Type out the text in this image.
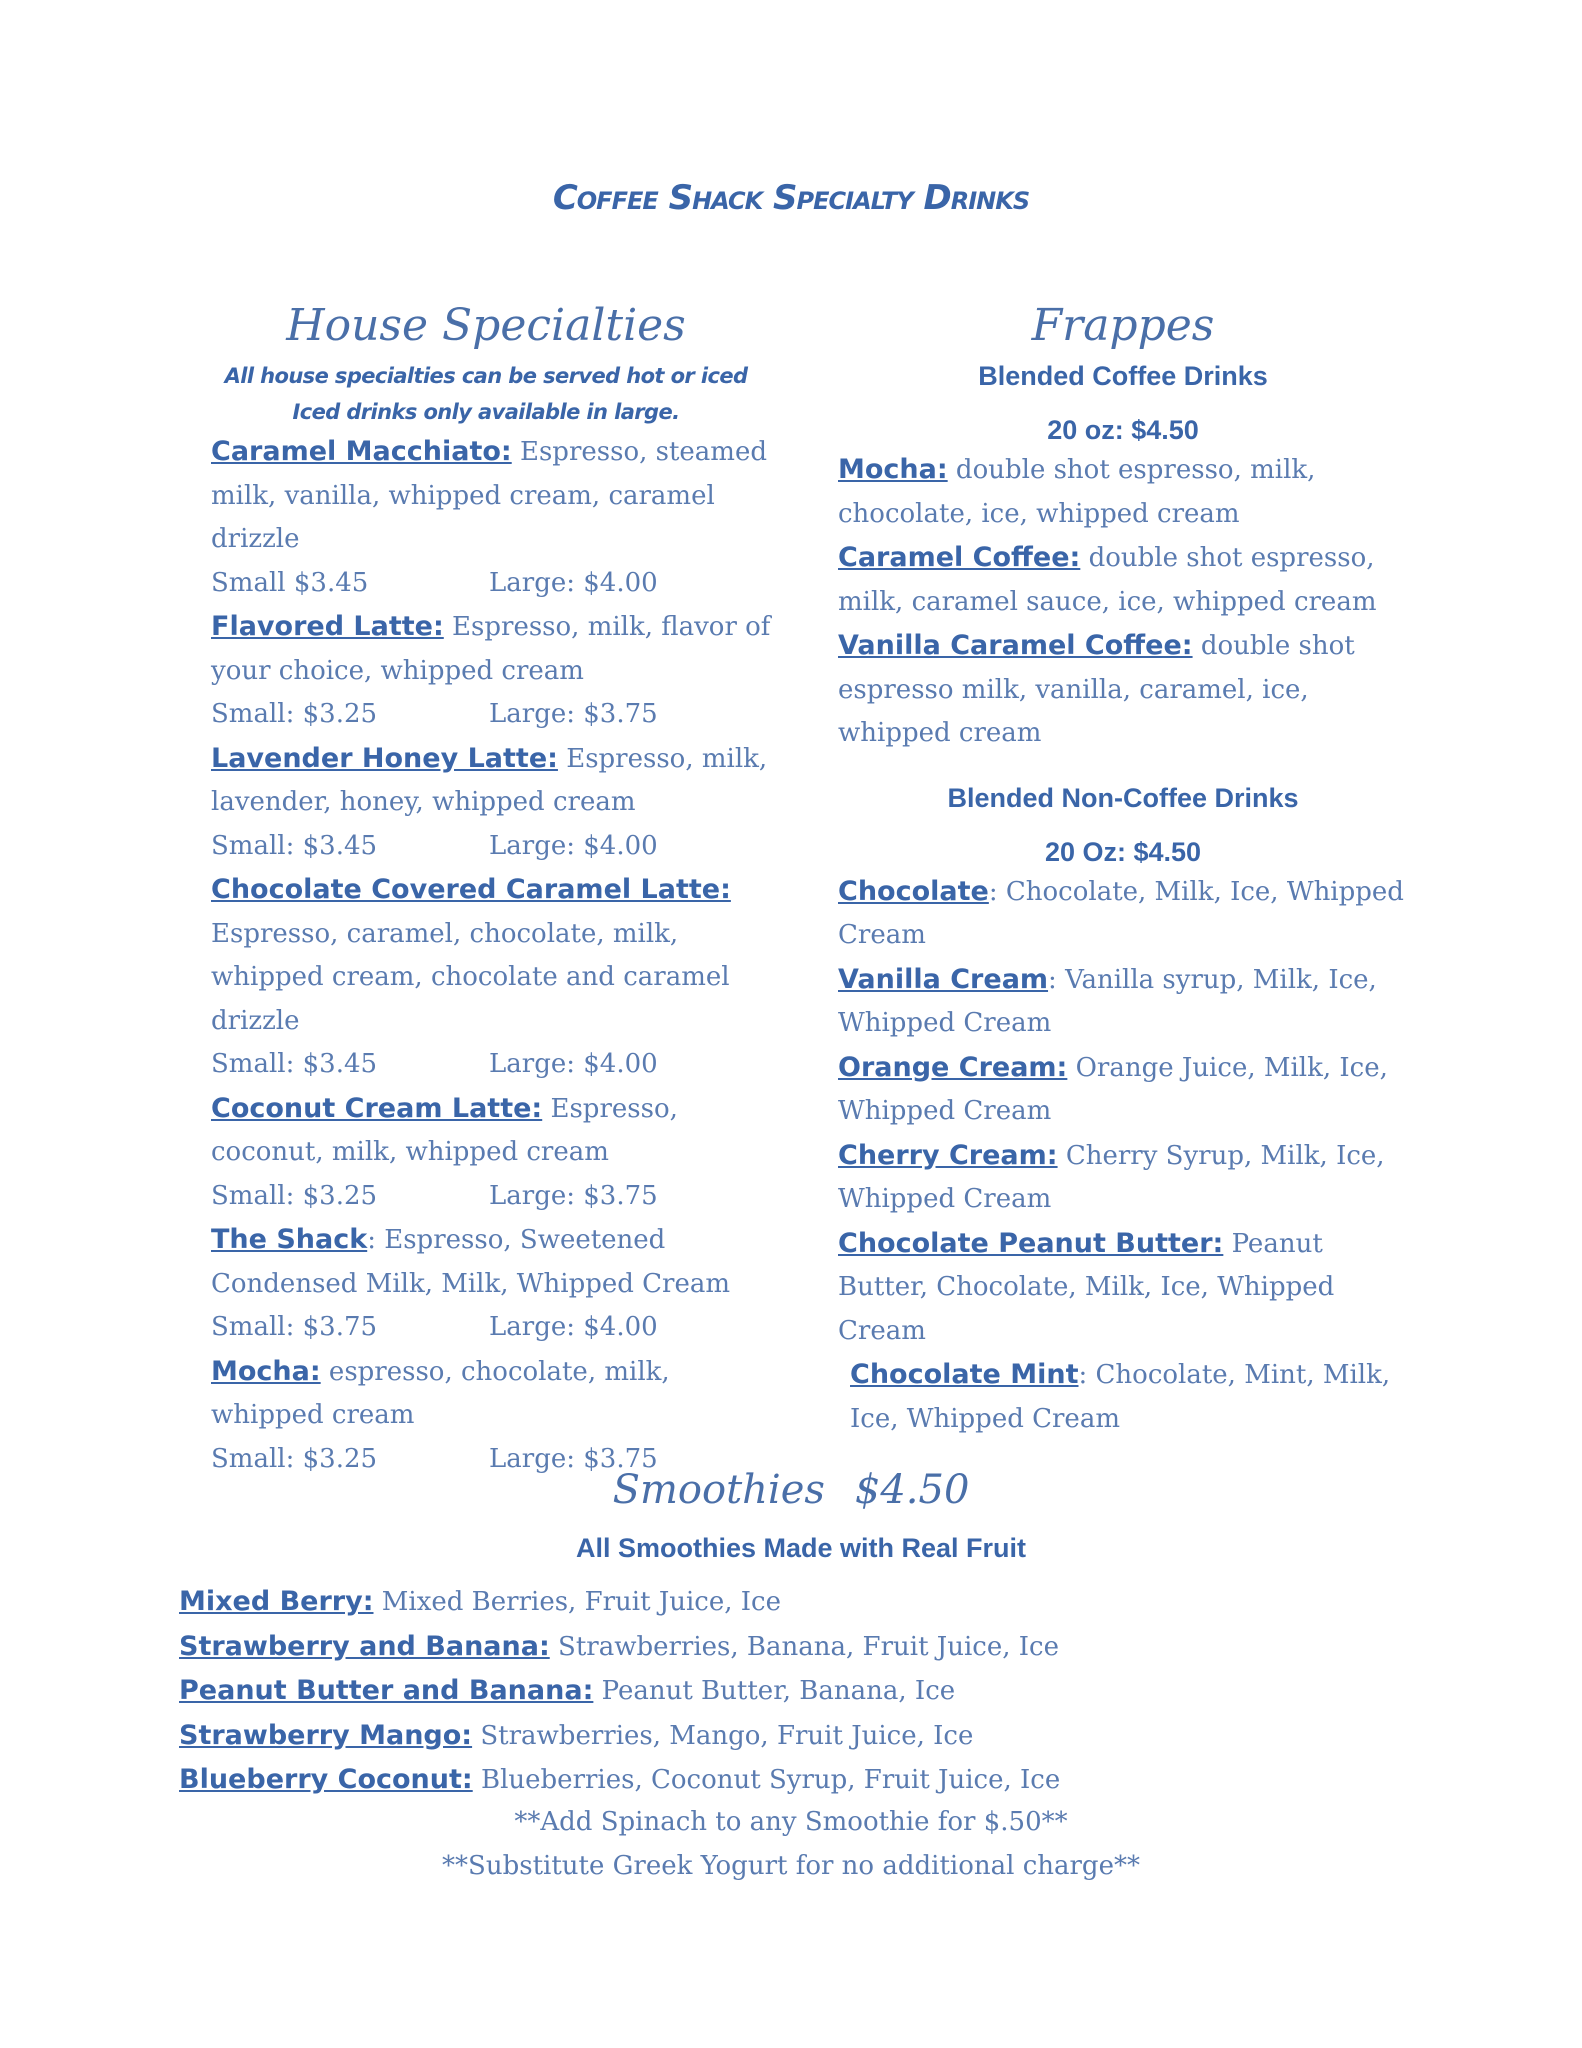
Coffee Shack Specialty Drinks
House Specialties
All house specialties can be served hot or iced
Iced drinks only available in large.
Caramel Macchiato: Espresso, steamed milk, vanilla, whipped cream, caramel drizzle
Small $3.45	Large: $4.00
Flavored Latte: Espresso, milk, flavor of your choice, whipped cream
Small: $3.25	Large: $3.75
Lavender Honey Latte: Espresso, milk, lavender, honey, whipped cream
Small: $3.45	Large: $4.00
Chocolate Covered Caramel Latte: Espresso, caramel, chocolate, milk, whipped cream, chocolate and caramel drizzle
Small: $3.45	Large: $4.00
Coconut Cream Latte: Espresso, coconut, milk, whipped cream
Small: $3.25	Large: $3.75
The Shack: Espresso, Sweetened Condensed Milk, Milk, Whipped Cream
Small: $3.75	Large: $4.00
Mocha: espresso, chocolate, milk, whipped cream
Small: $3.25	Large: $3.75
Frappes
Blended Coffee Drinks
20 oz: $4.50
Mocha: double shot espresso, milk, chocolate, ice, whipped cream
Caramel Coffee: double shot espresso, milk, caramel sauce, ice, whipped cream
Vanilla Caramel Coffee: double shot espresso milk, vanilla, caramel, ice, whipped cream
Blended Non-Coffee Drinks
20 Oz: $4.50
Chocolate: Chocolate, Milk, Ice, Whipped Cream
Vanilla Cream: Vanilla syrup, Milk, Ice, Whipped Cream
Orange Cream: Orange Juice, Milk, Ice, Whipped Cream
Cherry Cream: Cherry Syrup, Milk, Ice, Whipped Cream
Chocolate Peanut Butter: Peanut Butter, Chocolate, Milk, Ice, Whipped Cream
Chocolate Mint: Chocolate, Mint, Milk, Ice, Whipped Cream
Smoothies $4.50
All Smoothies Made with Real Fruit
Mixed Berry: Mixed Berries, Fruit Juice, Ice
Strawberry and Banana: Strawberries, Banana, Fruit Juice, Ice
Peanut Butter and Banana: Peanut Butter, Banana, Ice
Strawberry Mango: Strawberries, Mango, Fruit Juice, Ice
Blueberry Coconut: Blueberries, Coconut Syrup, Fruit Juice, Ice
**Add Spinach to any Smoothie for $.50**
**Substitute Greek Yogurt for no additional charge**
